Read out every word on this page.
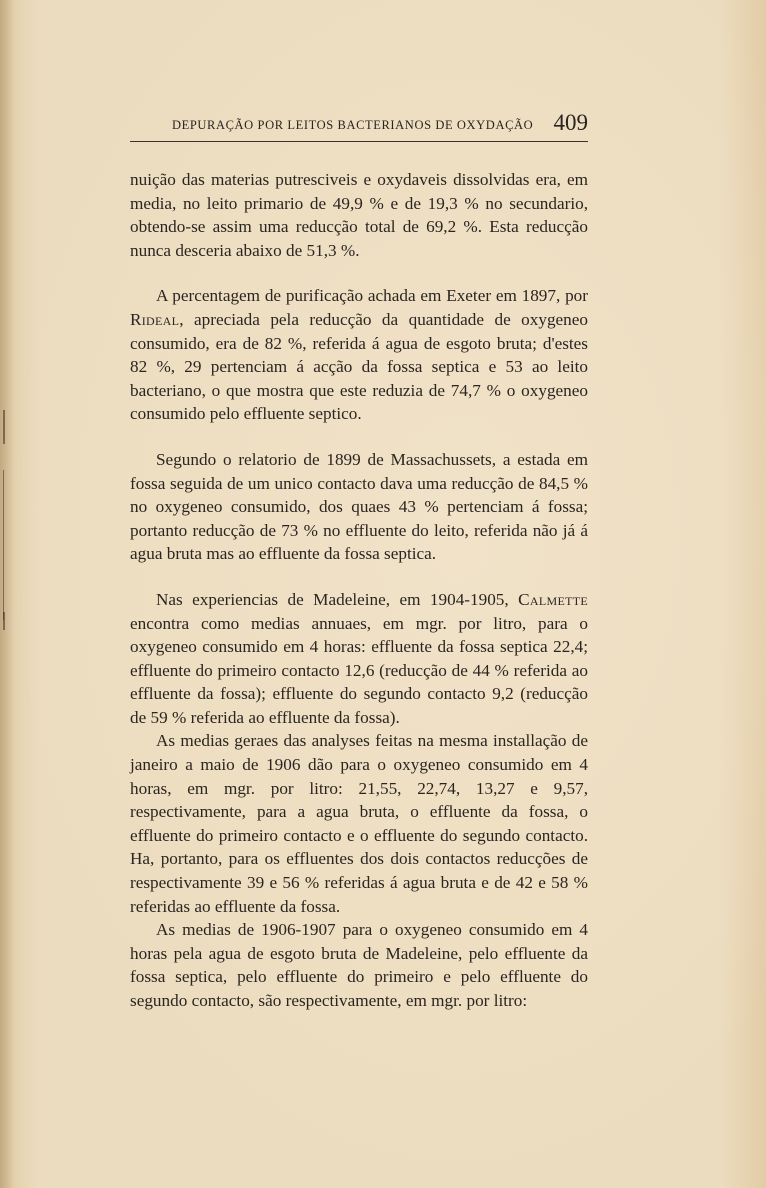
DEPURAÇÃO POR LEITOS BACTERIANOS DE OXYDAÇÃO 409

nuição das materias putresciveis e oxydaveis dissolvidas era, em media, no leito primario de 49,9 % e de 19,3 % no secundario, obtendo-se assim uma reducção total de 69,2 %. Esta reducção nunca desceria abaixo de 51,3 %.

A percentagem de purificação achada em Exeter em 1897, por Rideal, apreciada pela reducção da quantidade de oxygeneo consumido, era de 82 %, referida á agua de esgoto bruta; d'estes 82 %, 29 pertenciam á acção da fossa septica e 53 ao leito bacteriano, o que mostra que este reduzia de 74,7 % o oxygeneo consumido pelo effluente septico.

Segundo o relatorio de 1899 de Massachussets, a estada em fossa seguida de um unico contacto dava uma reducção de 84,5 % no oxygeneo consumido, dos quaes 43 % pertenciam á fossa; portanto reducção de 73 % no effluente do leito, referida não já á agua bruta mas ao effluente da fossa septica.

Nas experiencias de Madeleine, em 1904-1905, Calmette encontra como medias annuaes, em mgr. por litro, para o oxygeneo consumido em 4 horas: effluente da fossa septica 22,4; effluente do primeiro contacto 12,6 (reducção de 44 % referida ao effluente da fossa); effluente do segundo contacto 9,2 (reducção de 59 % referida ao effluente da fossa).

As medias geraes das analyses feitas na mesma installação de janeiro a maio de 1906 dão para o oxygeneo consumido em 4 horas, em mgr. por litro: 21,55, 22,74, 13,27 e 9,57, respectivamente, para a agua bruta, o effluente da fossa, o effluente do primeiro contacto e o effluente do segundo contacto. Ha, portanto, para os effluentes dos dois contactos reducções de respectivamente 39 e 56 % referidas á agua bruta e de 42 e 58 % referidas ao effluente da fossa.

As medias de 1906-1907 para o oxygeneo consumido em 4 horas pela agua de esgoto bruta de Madeleine, pelo effluente da fossa septica, pelo effluente do primeiro e pelo effluente do segundo contacto, são respectivamente, em mgr. por litro:
